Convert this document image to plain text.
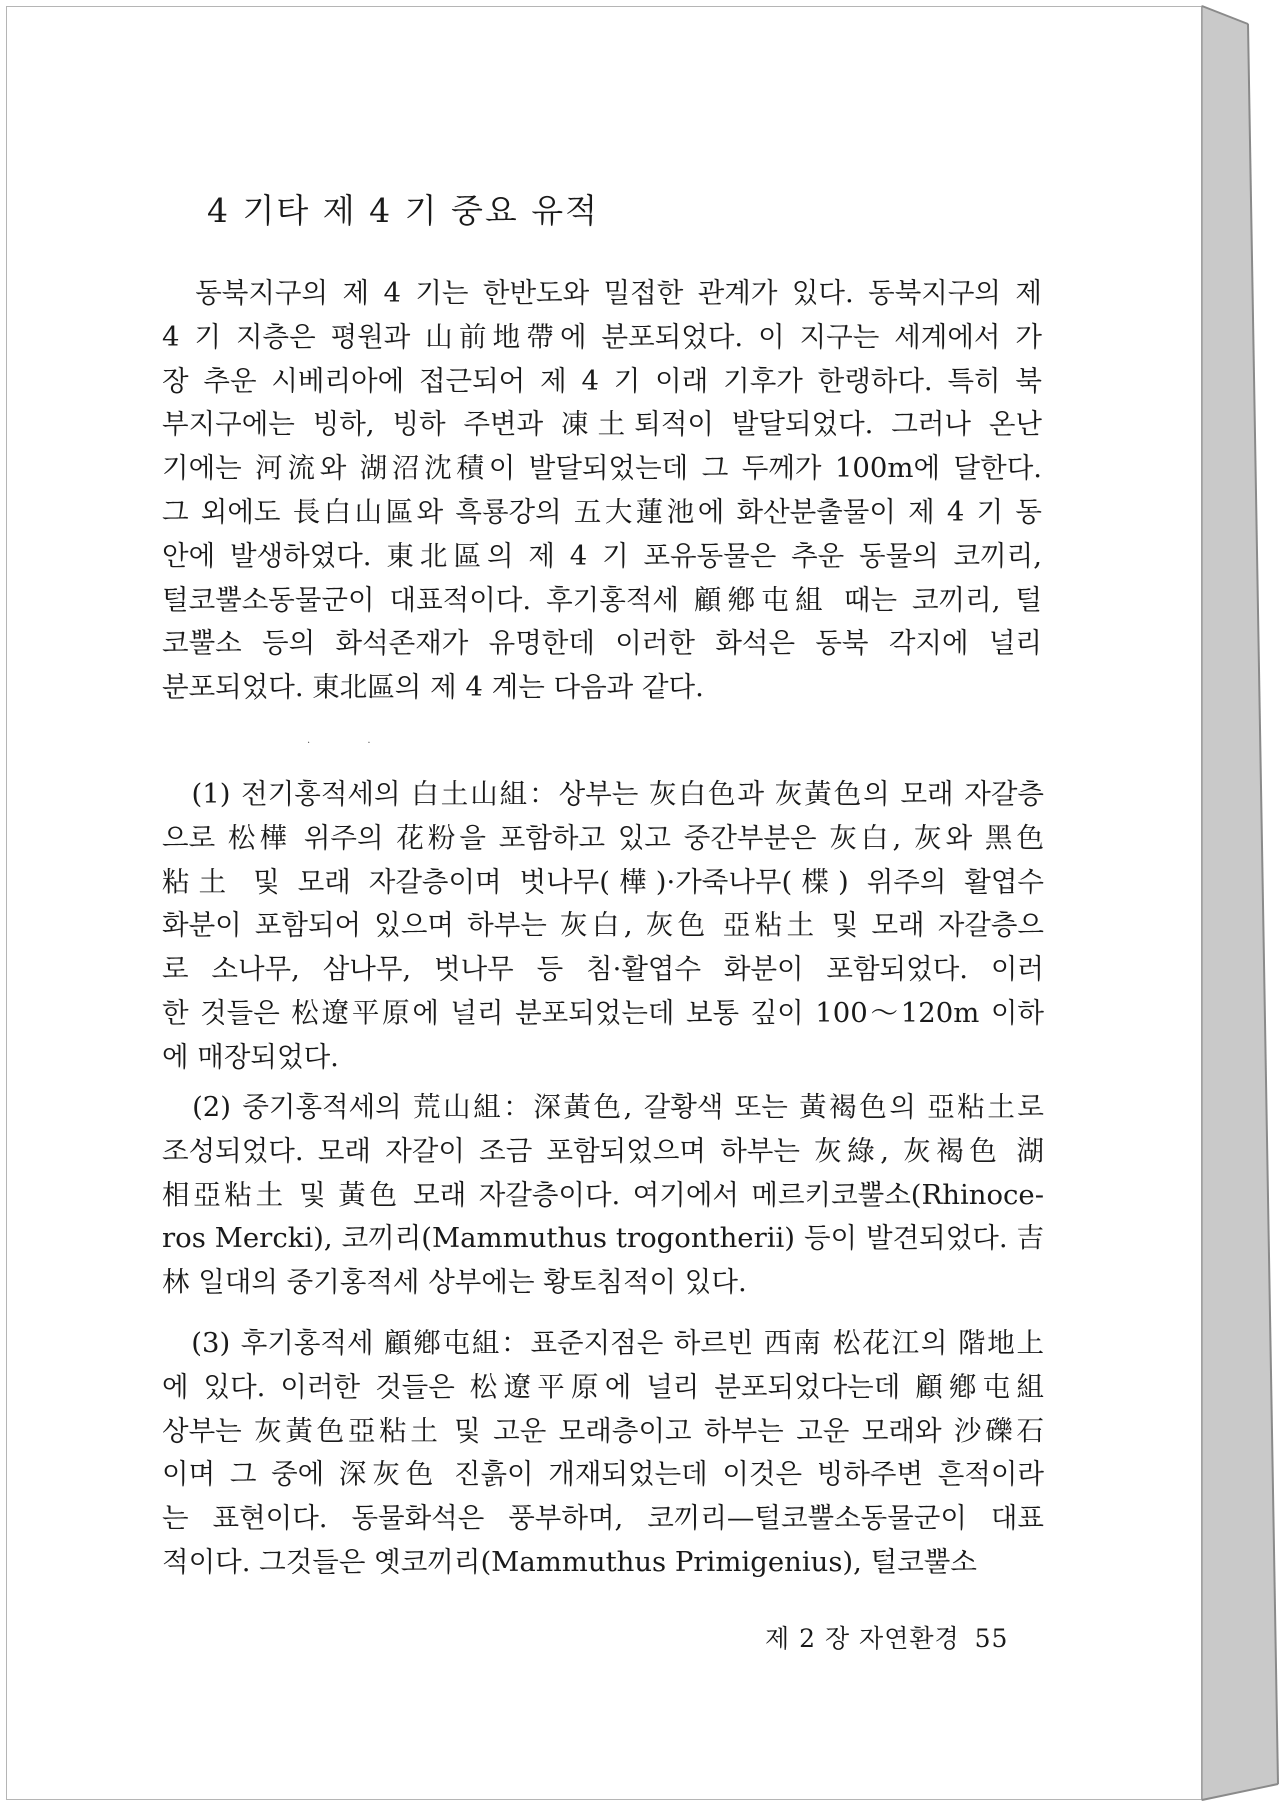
4 기타 제 4 기 중요 유적
　동북지구의 제 4 기는 한반도와 밀접한 관계가 있다. 동북지구의 제
4 기 지층은 평원과 山前地帶에 분포되었다. 이 지구는 세계에서 가
장 추운 시베리아에 접근되어 제 4 기 이래 기후가 한랭하다. 특히 북
부지구에는 빙하, 빙하 주변과 凍土퇴적이 발달되었다. 그러나 온난
기에는 河流와 湖沼沈積이 발달되었는데 그 두께가 100m에 달한다.
그 외에도 長白山區와 흑룡강의 五大蓮池에 화산분출물이 제 4 기 동
안에 발생하였다. 東北區의 제 4 기 포유동물은 추운 동물의 코끼리,
털코뿔소동물군이 대표적이다. 후기홍적세 顧鄕屯組 때는 코끼리, 털
코뿔소 등의 화석존재가 유명한데 이러한 화석은 동북 각지에 널리
분포되었다. 東北區의 제 4 계는 다음과 같다.
.                  .
　(1) 전기홍적세의 白土山組：상부는 灰白色과 灰黃色의 모래 자갈층
으로 松樺 위주의 花粉을 포함하고 있고 중간부분은 灰白, 灰와 黑色
粘土 및 모래 자갈층이며 벗나무(樺)·가죽나무(楪) 위주의 활엽수
화분이 포함되어 있으며 하부는 灰白, 灰色 亞粘土 및 모래 자갈층으
로 소나무, 삼나무, 벗나무 등 침·활엽수 화분이 포함되었다. 이러
한 것들은 松遼平原에 널리 분포되었는데 보통 깊이 100～120m 이하
에 매장되었다.
　(2) 중기홍적세의 荒山組：深黃色, 갈황색 또는 黃褐色의 亞粘土로
조성되었다. 모래 자갈이 조금 포함되었으며 하부는 灰綠, 灰褐色 湖
相亞粘土 및 黃色 모래 자갈층이다. 여기에서 메르키코뿔소(Rhinoce-
ros Mercki), 코끼리(Mammuthus trogontherii) 등이 발견되었다. 吉
林 일대의 중기홍적세 상부에는 황토침적이 있다.
　(3) 후기홍적세 顧鄕屯組：표준지점은 하르빈 西南 松花江의 階地上
에 있다. 이러한 것들은 松遼平原에 널리 분포되었다는데 顧鄕屯組
상부는 灰黃色亞粘土 및 고운 모래층이고 하부는 고운 모래와 沙礫石
이며 그 중에 深灰色 진흙이 개재되었는데 이것은 빙하주변 흔적이라
는 표현이다. 동물화석은 풍부하며, 코끼리—털코뿔소동물군이 대표
적이다. 그것들은 옛코끼리(Mammuthus Primigenius), 털코뿔소
제 2 장 자연환경 55
